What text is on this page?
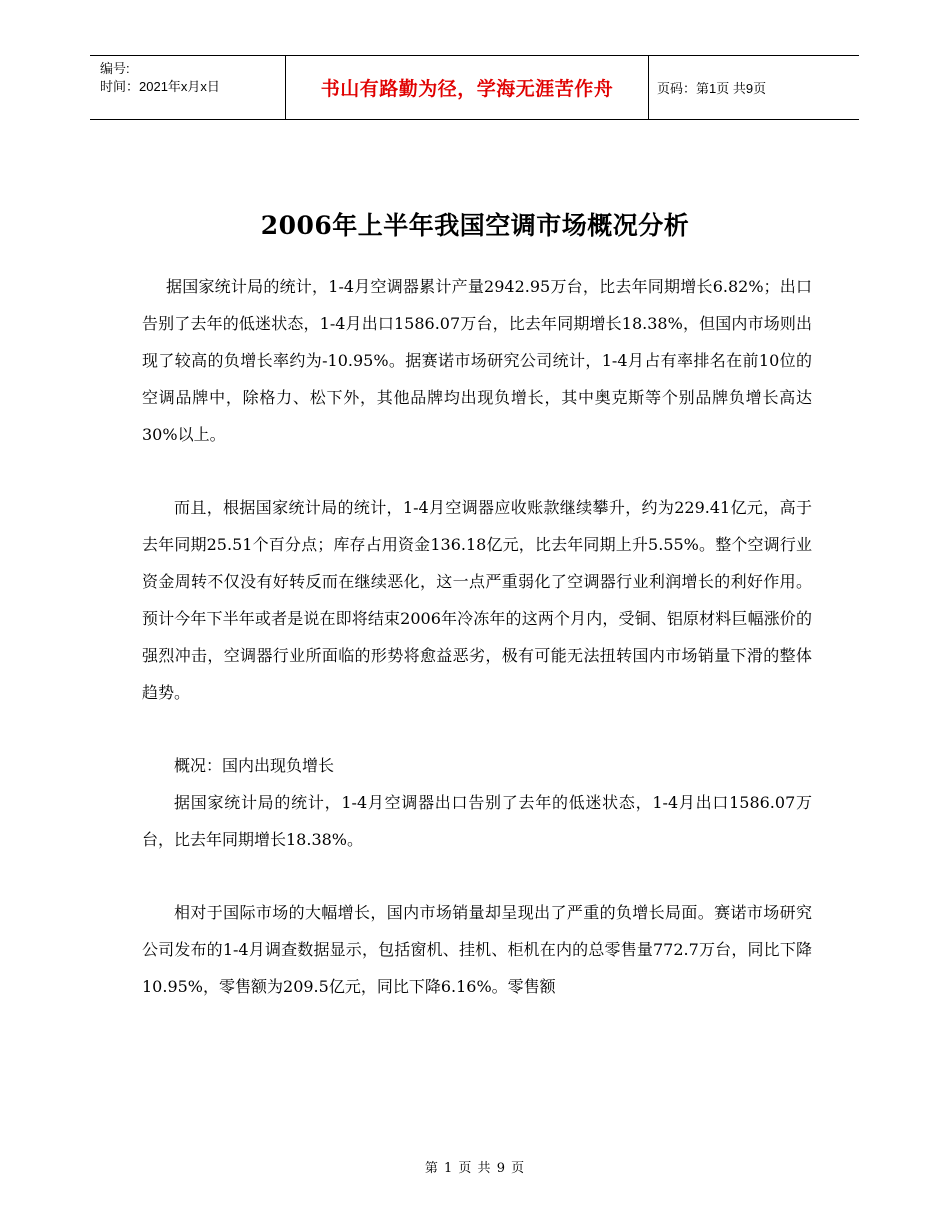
编号:
时间：2021年x月x日	书山有路勤为径，学海无涯苦作舟	页码：第1页 共9页
2006年上半年我国空调市场概况分析

据国家统计局的统计，1-4月空调器累计产量2942.95万台，比去年同期增长6.82%；出口告别了去年的低迷状态，1-4月出口1586.07万台，比去年同期增长18.38%，但国内市场则出现了较高的负增长率约为-10.95%。据赛诺市场研究公司统计，1-4月占有率排名在前10位的空调品牌中，除格力、松下外，其他品牌均出现负增长，其中奥克斯等个别品牌负增长高达30%以上。

而且，根据国家统计局的统计，1-4月空调器应收账款继续攀升，约为229.41亿元，高于去年同期25.51个百分点；库存占用资金136.18亿元，比去年同期上升5.55%。整个空调行业资金周转不仅没有好转反而在继续恶化，这一点严重弱化了空调器行业利润增长的利好作用。预计今年下半年或者是说在即将结束2006年冷冻年的这两个月内，受铜、铝原材料巨幅涨价的强烈冲击，空调器行业所面临的形势将愈益恶劣，极有可能无法扭转国内市场销量下滑的整体趋势。

概况：国内出现负增长

据国家统计局的统计，1-4月空调器出口告别了去年的低迷状态，1-4月出口1586.07万台，比去年同期增长18.38%。

相对于国际市场的大幅增长，国内市场销量却呈现出了严重的负增长局面。赛诺市场研究公司发布的1-4月调查数据显示，包括窗机、挂机、柜机在内的总零售量772.7万台，同比下降10.95%，零售额为209.5亿元，同比下降6.16%。零售额

第 1 页 共 9 页
